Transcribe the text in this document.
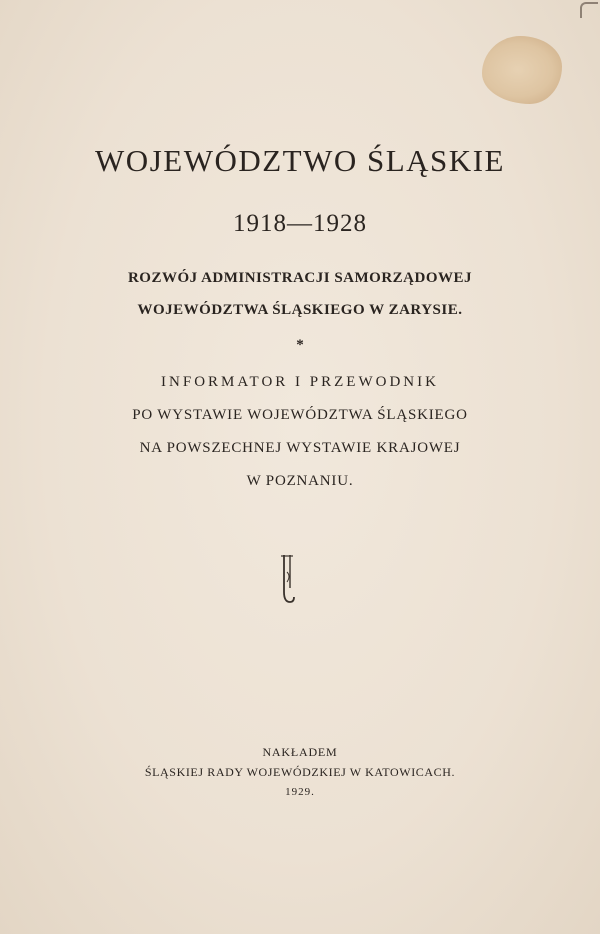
WOJEWÓDZTWO ŚLĄSKIE
1918—1928
ROZWÓJ ADMINISTRACJI SAMORZĄDOWEJ
WOJEWÓDZTWA ŚLĄSKIEGO W ZARYSIE.
*
INFORMATOR I PRZEWODNIK
PO WYSTAWIE WOJEWÓDZTWA ŚLĄSKIEGO
NA POWSZECHNEJ WYSTAWIE KRAJOWEJ
W POZNANIU.
NAKŁADEM
ŚLĄSKIEJ RADY WOJEWÓDZKIEJ W KATOWICACH.
1929.
